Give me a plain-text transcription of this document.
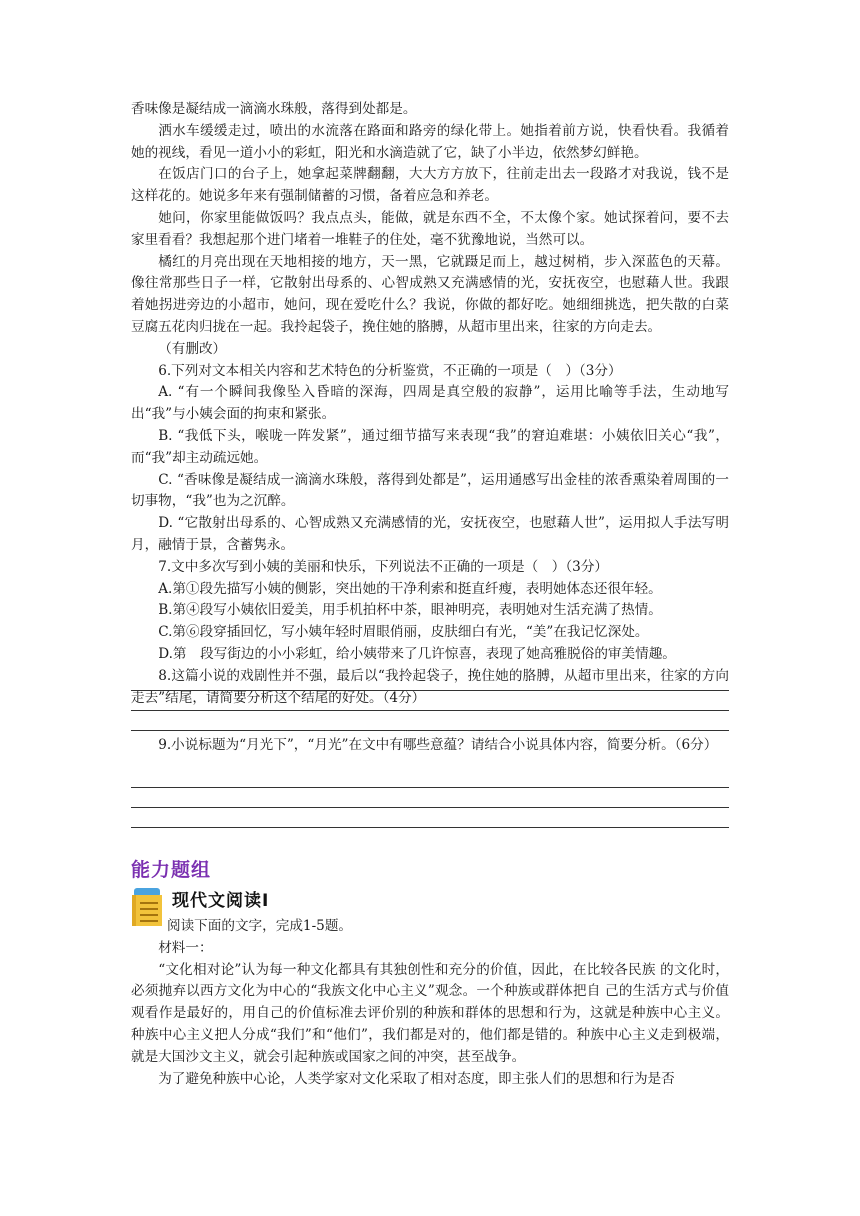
香味像是凝结成一滴滴水珠般，落得到处都是。

洒水车缓缓走过，喷出的水流落在路面和路旁的绿化带上。她指着前方说，快看快看。我循着她的视线，看见一道小小的彩虹，阳光和水滴造就了它，缺了小半边，依然梦幻鲜艳。

在饭店门口的台子上，她拿起菜牌翻翻，大大方方放下，往前走出去一段路才对我说，钱不是这样花的。她说多年来有强制储蓄的习惯，备着应急和养老。

她问，你家里能做饭吗？我点点头，能做，就是东西不全，不太像个家。她试探着问，要不去家里看看？我想起那个进门堵着一堆鞋子的住处，毫不犹豫地说，当然可以。

橘红的月亮出现在天地相接的地方，天一黑，它就蹑足而上，越过树梢，步入深蓝色的天幕。像往常那些日子一样，它散射出母系的、心智成熟又充满感情的光，安抚夜空，也慰藉人世。我跟着她拐进旁边的小超市，她问，现在爱吃什么？我说，你做的都好吃。她细细挑选，把失散的白菜豆腐五花肉归拢在一起。我拎起袋子，挽住她的胳膊，从超市里出来，往家的方向走去。

（有删改）

6.下列对文本相关内容和艺术特色的分析鉴赏，不正确的一项是（　）（3分）

A. “有一个瞬间我像坠入昏暗的深海，四周是真空般的寂静”，运用比喻等手法，生动地写出“我”与小姨会面的拘束和紧张。

B. “我低下头，喉咙一阵发紧”，通过细节描写来表现“我”的窘迫难堪：小姨依旧关心“我”，而“我”却主动疏远她。

C. “香味像是凝结成一滴滴水珠般，落得到处都是”，运用通感写出金桂的浓香熏染着周围的一切事物，“我”也为之沉醉。

D. “它散射出母系的、心智成熟又充满感情的光，安抚夜空，也慰藉人世”，运用拟人手法写明月，融情于景，含蓄隽永。

7.文中多次写到小姨的美丽和快乐，下列说法不正确的一项是（　）（3分）

A.第①段先描写小姨的侧影，突出她的干净利索和挺直纤瘦，表明她体态还很年轻。

B.第④段写小姨依旧爱美，用手机拍杯中茶，眼神明亮，表明她对生活充满了热情。

C.第⑥段穿插回忆，写小姨年轻时眉眼俏丽，皮肤细白有光，“美”在我记忆深处。

D.第　段写街边的小小彩虹，给小姨带来了几许惊喜，表现了她高雅脱俗的审美情趣。

8.这篇小说的戏剧性并不强，最后以“我拎起袋子，挽住她的胳膊，从超市里出来，往家的方向走去”结尾，请简要分析这个结尾的好处。（4分）

9.小说标题为“月光下”，“月光”在文中有哪些意蕴？请结合小说具体内容，简要分析。（6分）

能力题组
现代文阅读Ⅰ

阅读下面的文字，完成1-5题。

材料一：

“文化相对论”认为每一种文化都具有其独创性和充分的价值，因此，在比较各民族 的文化时，必须抛弃以西方文化为中心的“我族文化中心主义”观念。一个种族或群体把自 己的生活方式与价值观看作是最好的，用自己的价值标准去评价别的种族和群体的思想和行为，这就是种族中心主义。种族中心主义把人分成“我们”和“他们”，我们都是对的，他们都是错的。种族中心主义走到极端，就是大国沙文主义，就会引起种族或国家之间的冲突，甚至战争。

为了避免种族中心论，人类学家对文化采取了相对态度，即主张人们的思想和行为是否
